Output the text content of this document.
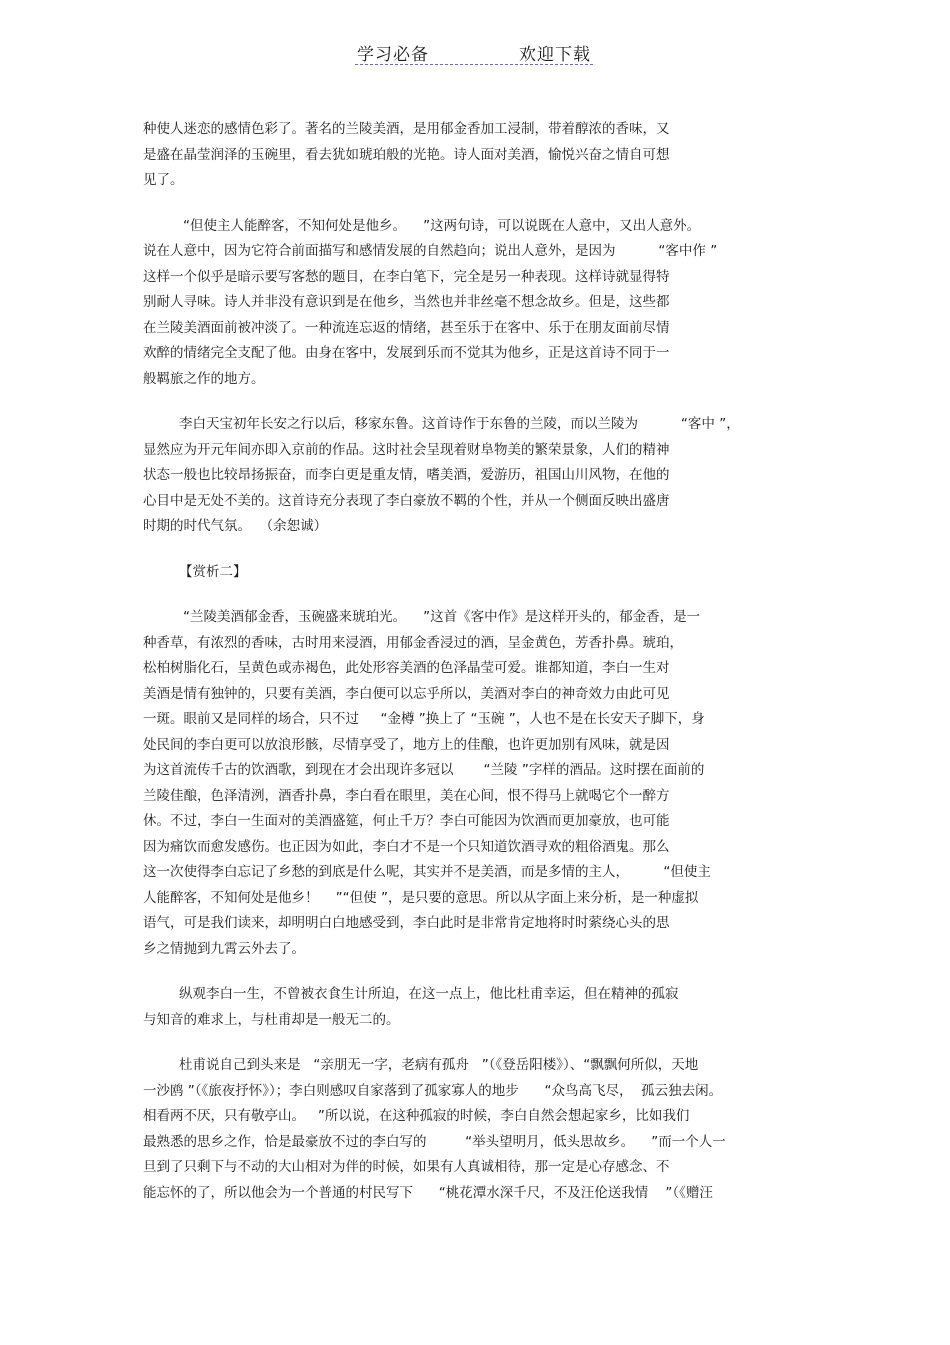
学习必备	欢迎下载
种使人迷恋的感情色彩了。著名的兰陵美酒，是用郁金香加工浸制，带着醇浓的香味，又
是盛在晶莹润泽的玉碗里，看去犹如琥珀般的光艳。诗人面对美酒，愉悦兴奋之情自可想
见了。
“但使主人能醉客，不知何处是他乡。    ”这两句诗，可以说既在人意中，又出人意外。
说在人意中，因为它符合前面描写和感情发展的自然趋向；说出人意外，是因为          “客中作 ”
这样一个似乎是暗示要写客愁的题目，在李白笔下，完全是另一种表现。这样诗就显得特
别耐人寻味。诗人并非没有意识到是在他乡，当然也并非丝毫不想念故乡。但是，这些都
在兰陵美酒面前被冲淡了。一种流连忘返的情绪，甚至乐于在客中、乐于在朋友面前尽情
欢醉的情绪完全支配了他。由身在客中，发展到乐而不觉其为他乡，正是这首诗不同于一
般羁旅之作的地方。
李白天宝初年长安之行以后，移家东鲁。这首诗作于东鲁的兰陵，而以兰陵为          “客中 ”，
显然应为开元年间亦即入京前的作品。这时社会呈现着财阜物美的繁荣景象，人们的精神
状态一般也比较昂扬振奋，而李白更是重友情，嗜美酒，爱游历，祖国山川风物，在他的
心目中是无处不美的。这首诗充分表现了李白豪放不羁的个性，并从一个侧面反映出盛唐
时期的时代气氛。  （余恕诚）
【赏析二】
“兰陵美酒郁金香，玉碗盛来琥珀光。    ”这首《客中作》是这样开头的，郁金香，是一
种香草，有浓烈的香味，古时用来浸酒，用郁金香浸过的酒，呈金黄色，芳香扑鼻。琥珀，
松柏树脂化石，呈黄色或赤褐色，此处形容美酒的色泽晶莹可爱。谁都知道，李白一生对
美酒是情有独钟的，只要有美酒，李白便可以忘乎所以，美酒对李白的神奇效力由此可见
一斑。眼前又是同样的场合，只不过     “金樽 ”换上了 “玉碗 ”，人也不是在长安天子脚下，身
处民间的李白更可以放浪形骸，尽情享受了，地方上的佳酿，也许更加别有风味，就是因
为这首流传千古的饮酒歌，到现在才会出现许多冠以       “兰陵 ”字样的酒品。这时摆在面前的
兰陵佳酿，色泽清洌，酒香扑鼻，李白看在眼里，美在心间，恨不得马上就喝它个一醉方
休。不过，李白一生面对的美酒盛筵，何止千万？李白可能因为饮酒而更加豪放，也可能
因为痛饮而愈发感伤。也正因为如此，李白才不是一个只知道饮酒寻欢的粗俗酒鬼。那么
这一次使得李白忘记了乡愁的到底是什么呢，其实并不是美酒，而是多情的主人，        “但使主
人能醉客，不知何处是他乡！    ”“但使 ”，是只要的意思。所以从字面上来分析，是一种虚拟
语气，可是我们读来，却明明白白地感受到，李白此时是非常肯定地将时时萦绕心头的思
乡之情抛到九霄云外去了。
纵观李白一生，不曾被衣食生计所迫，在这一点上，他比杜甫幸运，但在精神的孤寂
与知音的难求上，与杜甫却是一般无二的。
杜甫说自己到头来是   “亲朋无一字，老病有孤舟   ”（《登岳阳楼》）、“飘飘何所似，天地
一沙鸥 ”（《旅夜抒怀》）；李白则感叹自家落到了孤家寡人的地步      “众鸟高飞尽，  孤云独去闲。
相看两不厌，只有敬亭山。   ”所以说，在这种孤寂的时候，李白自然会想起家乡，比如我们
最熟悉的思乡之作，恰是最豪放不过的李白写的         “举头望明月，低头思故乡。    ”而一个人一
旦到了只剩下与不动的大山相对为伴的时候，如果有人真诚相待，那一定是心存感念、不
能忘怀的了，所以他会为一个普通的村民写下      “桃花潭水深千尺，不及汪伦送我情    ”（《赠汪
